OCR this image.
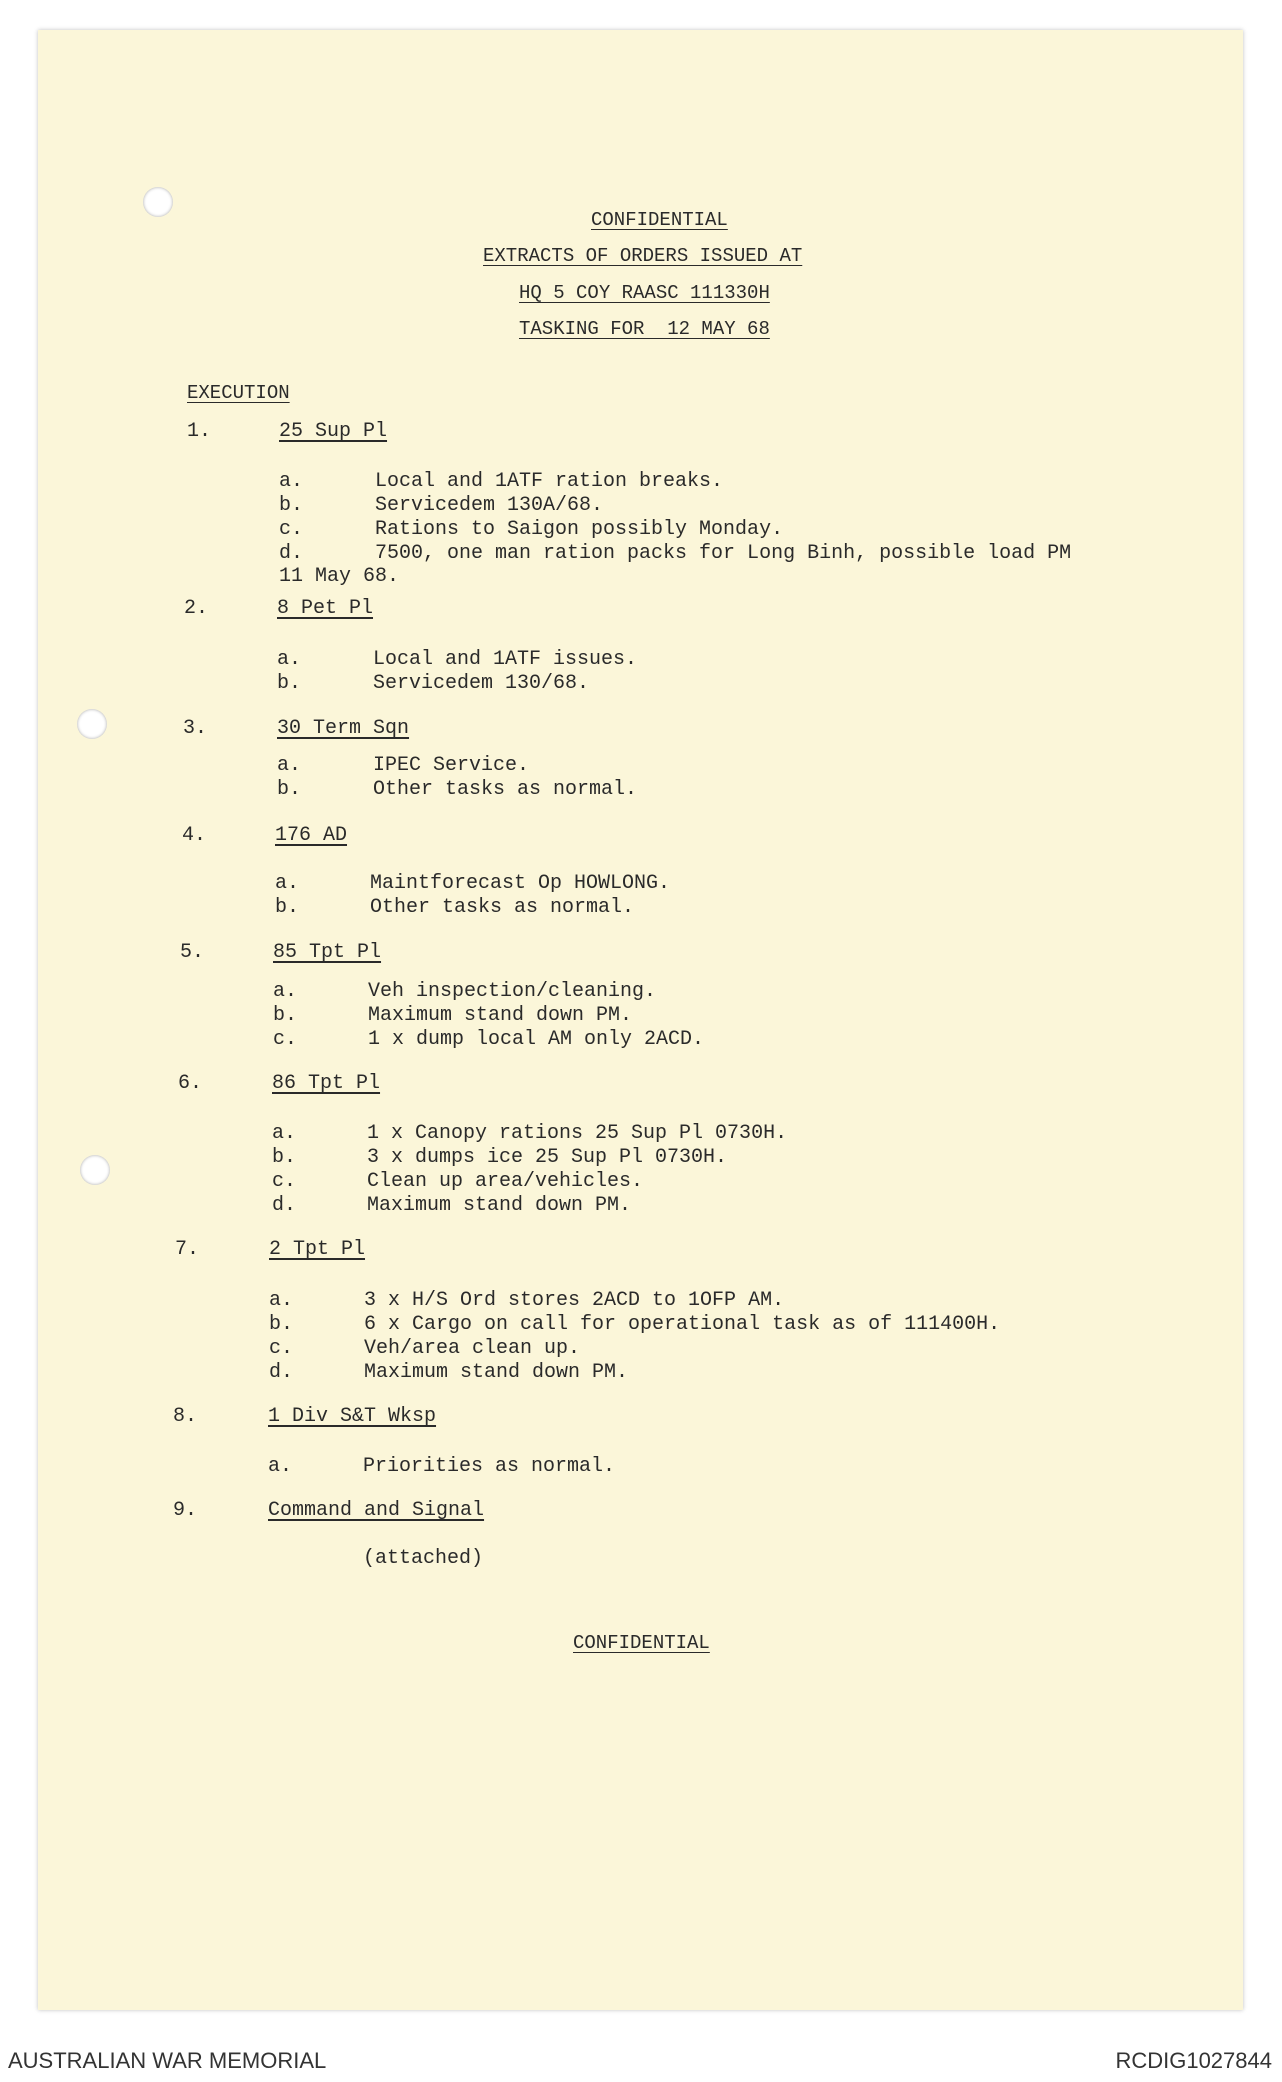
CONFIDENTIAL
EXTRACTS OF ORDERS ISSUED AT
HQ 5 COY RAASC 111330H
TASKING FOR  12 MAY 68
EXECUTION
1.	25 Sup Pl
a.	Local and 1ATF ration breaks.
b.	Servicedem 130A/68.
c.	Rations to Saigon possibly Monday.
d.	7500, one man ration packs for Long Binh, possible load PM
11 May 68.
2.	8 Pet Pl
a.	Local and 1ATF issues.
b.	Servicedem 130/68.
3.	30 Term Sqn
a.	IPEC Service.
b.	Other tasks as normal.
4.	176 AD
a.	Maintforecast Op HOWLONG.
b.	Other tasks as normal.
5.	85 Tpt Pl
a.	Veh inspection/cleaning.
b.	Maximum stand down PM.
c.	1 x dump local AM only 2ACD.
6.	86 Tpt Pl
a.	1 x Canopy rations 25 Sup Pl 0730H.
b.	3 x dumps ice 25 Sup Pl 0730H.
c.	Clean up area/vehicles.
d.	Maximum stand down PM.
7.	2 Tpt Pl
a.	3 x H/S Ord stores 2ACD to 1OFP AM.
b.	6 x Cargo on call for operational task as of 111400H.
c.	Veh/area clean up.
d.	Maximum stand down PM.
8.	1 Div S&T Wksp
a.	Priorities as normal.
9.	Command and Signal
(attached)
CONFIDENTIAL
AUSTRALIAN WAR MEMORIAL	RCDIG1027844
